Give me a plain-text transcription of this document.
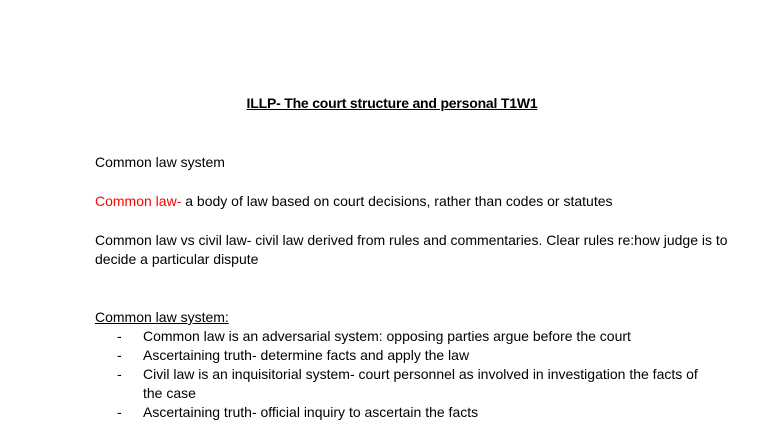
ILLP- The court structure and personal T1W1
Common law system
Common law- a body of law based on court decisions, rather than codes or statutes
Common law vs civil law- civil law derived from rules and commentaries. Clear rules re:how judge is to decide a particular dispute
Common law system:
- Common law is an adversarial system: opposing parties argue before the court
- Ascertaining truth- determine facts and apply the law
- Civil law is an inquisitorial system- court personnel as involved in investigation the facts of the case
- Ascertaining truth- official inquiry to ascertain the facts
